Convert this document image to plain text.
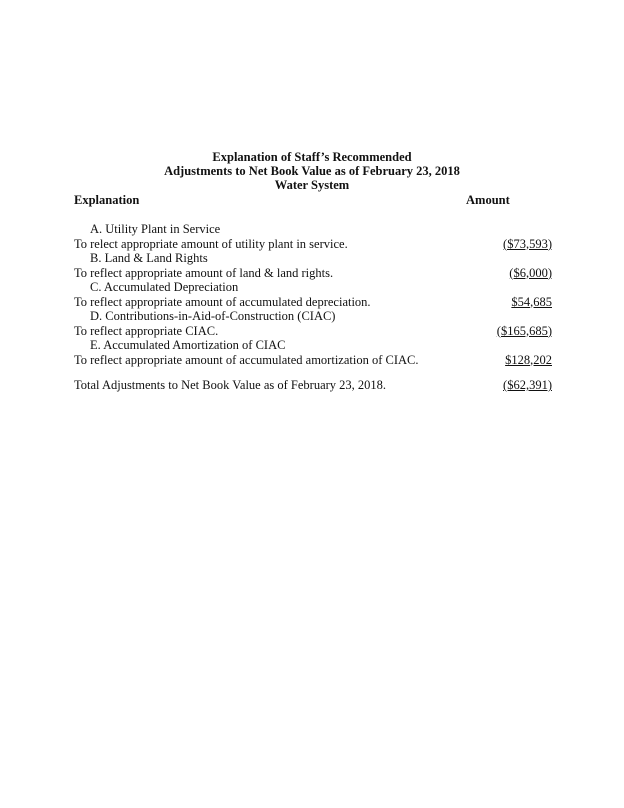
Explanation of Staff’s Recommended
Adjustments to Net Book Value as of February 23, 2018
Water System
Explanation	Amount
A. Utility Plant in Service
To relect appropriate amount of utility plant in service.	($73,593)
B. Land & Land Rights
To reflect appropriate amount of land & land rights.	($6,000)
C. Accumulated Depreciation
To reflect appropriate amount of accumulated depreciation.	$54,685
D. Contributions-in-Aid-of-Construction (CIAC)
To reflect appropriate CIAC.	($165,685)
E. Accumulated Amortization of CIAC
To reflect appropriate amount of accumulated amortization of CIAC.	$128,202
Total Adjustments to Net Book Value as of February 23, 2018.	($62,391)
